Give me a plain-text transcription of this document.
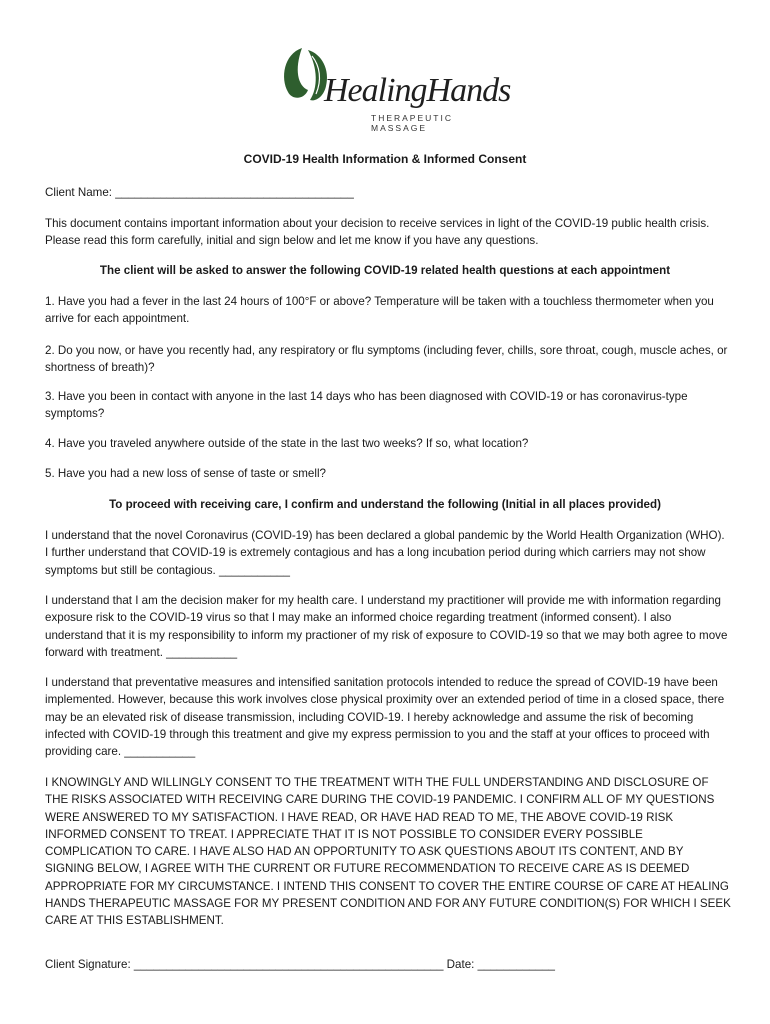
HealingHands
THERAPEUTIC
MASSAGE
COVID-19 Health Information & Informed Consent

Client Name: _____________________________________

This document contains important information about your decision to receive services in light of the COVID-19 public health crisis. Please read this form carefully, initial and sign below and let me know if you have any questions.

The client will be asked to answer the following COVID-19 related health questions at each appointment

1. Have you had a fever in the last 24 hours of 100°F or above? Temperature will be taken with a touchless thermometer when you arrive for each appointment.

2. Do you now, or have you recently had, any respiratory or flu symptoms (including fever, chills, sore throat, cough, muscle aches, or shortness of breath)?

3. Have you been in contact with anyone in the last 14 days who has been diagnosed with COVID-19 or has coronavirus-type symptoms?

4. Have you traveled anywhere outside of the state in the last two weeks? If so, what location?

5. Have you had a new loss of sense of taste or smell?

To proceed with receiving care, I confirm and understand the following (Initial in all places provided)

I understand that the novel Coronavirus (COVID-19) has been declared a global pandemic by the World Health Organization (WHO). I further understand that COVID-19 is extremely contagious and has a long incubation period during which carriers may not show symptoms but still be contagious. ___________

I understand that I am the decision maker for my health care. I understand my practitioner will provide me with information regarding exposure risk to the COVID-19 virus so that I may make an informed choice regarding treatment (informed consent). I also understand that it is my responsibility to inform my practioner of my risk of exposure to COVID-19 so that we may both agree to move forward with treatment. ___________

I understand that preventative measures and intensified sanitation protocols intended to reduce the spread of COVID-19 have been implemented. However, because this work involves close physical proximity over an extended period of time in a closed space, there may be an elevated risk of disease transmission, including COVID-19. I hereby acknowledge and assume the risk of becoming infected with COVID-19 through this treatment and give my express permission to you and the staff at your offices to proceed with providing care. ___________

I KNOWINGLY AND WILLINGLY CONSENT TO THE TREATMENT WITH THE FULL UNDERSTANDING AND DISCLOSURE OF THE RISKS ASSOCIATED WITH RECEIVING CARE DURING THE COVID-19 PANDEMIC. I CONFIRM ALL OF MY QUESTIONS WERE ANSWERED TO MY SATISFACTION. I HAVE READ, OR HAVE HAD READ TO ME, THE ABOVE COVID-19 RISK INFORMED CONSENT TO TREAT. I APPRECIATE THAT IT IS NOT POSSIBLE TO CONSIDER EVERY POSSIBLE COMPLICATION TO CARE. I HAVE ALSO HAD AN OPPORTUNITY TO ASK QUESTIONS ABOUT ITS CONTENT, AND BY SIGNING BELOW, I AGREE WITH THE CURRENT OR FUTURE RECOMMENDATION TO RECEIVE CARE AS IS DEEMED APPROPRIATE FOR MY CIRCUMSTANCE. I INTEND THIS CONSENT TO COVER THE ENTIRE COURSE OF CARE AT HEALING HANDS THERAPEUTIC MASSAGE FOR MY PRESENT CONDITION AND FOR ANY FUTURE CONDITION(S) FOR WHICH I SEEK CARE AT THIS ESTABLISHMENT.

Client Signature: ________________________________________________ Date: ____________
